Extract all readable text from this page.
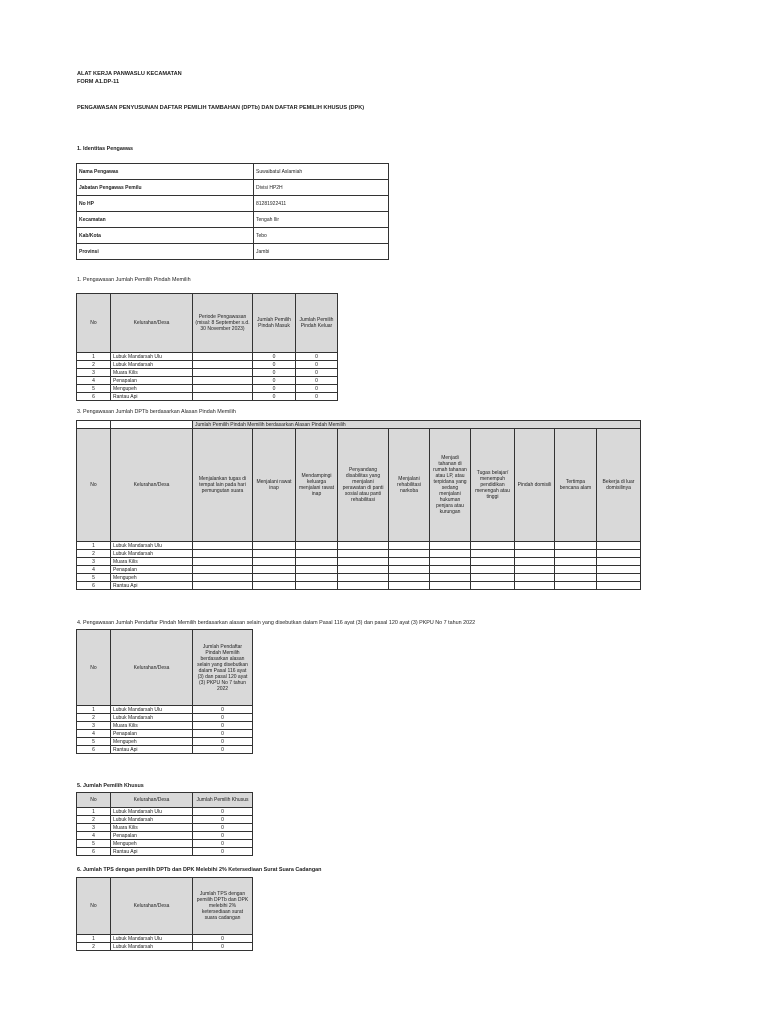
ALAT KERJA PANWASLU KECAMATAN
FORM A1.DP-11
PENGAWASAN PENYUSUNAN DAFTAR PEMILIH TAMBAHAN (DPTb) DAN DAFTAR PEMILIH KHUSUS (DPK)
1. Identitas Pengawas
Nama Pengawas	Suwaibatul Aslamiah
Jabatan Pengawas Pemilu	Divisi HP2H
No HP	81281922411
Kecamatan	Tengah Ilir
Kab/Kota	Tebo
Provinsi	Jambi
1. Pengawasan Jumlah Pemilih Pindah Memilih
No	Kelurahan/Desa	Periode Pengawasan (misal: 8 September s.d. 30 November 2023)	Jumlah Pemilih Pindah Masuk	Jumlah Pemilih Pindah Keluar
1	Lubuk Mandarsah Ulu		0	0
2	Lubuk Mandarsah		0	0
3	Muara Kilis		0	0
4	Penapalan		0	0
5	Mengupeh		0	0
6	Rantau Api		0	0
3. Pengawasan Jumlah DPTb berdasarkan Alasan Pindah Memilih
		Jumlah Pemilih Pindah Memilih berdasarkan Alasan Pindah Memilih									
No	Kelurahan/Desa	Menjalankan tugas di tempat lain pada hari pemungutan suara	Menjalani rawat inap	Mendampingi keluarga menjalani rawat inap	Penyandang disabilitas yang menjalani perawatan di panti sosial atau panti rehabilitasi	Menjalani rehabilitasi narkoba	Menjadi tahanan di rumah tahanan atau LP, atau terpidana yang sedang menjalani hukuman penjara atau kurungan	Tugas belajar/ menempuh pendidikan menengah atau tinggi	Pindah domisili	Tertimpa bencana alam	Bekerja di luar domisilinya
1	Lubuk Mandarsah Ulu										
2	Lubuk Mandarsah										
3	Muara Kilis										
4	Penapalan										
5	Mengupeh										
6	Rantau Api										
4. Pengawasan Jumlah Pendaftar Pindah Memilih berdasarkan alasan selain yang disebutkan dalam Pasal 116 ayat (3) dan pasal 120 ayat (3) PKPU No 7 tahun 2022
No	Kelurahan/Desa	Jumlah Pendaftar Pindah Memilih berdasarkan alasan selain yang disebutkan dalam Pasal 116 ayat (3) dan pasal 120 ayat (3) PKPU No 7 tahun 2022
1	Lubuk Mandarsah Ulu	0
2	Lubuk Mandarsah	0
3	Muara Kilis	0
4	Penapalan	0
5	Mengupeh	0
6	Rantau Api	0
5. Jumlah Pemilih Khusus
No	Kelurahan/Desa	Jumlah Pemilih Khusus
1	Lubuk Mandarsah Ulu	0
2	Lubuk Mandarsah	0
3	Muara Kilis	0
4	Penapalan	0
5	Mengupeh	0
6	Rantau Api	0
6. Jumlah TPS dengan pemilih DPTb dan DPK Melebihi 2% Ketersediaan Surat Suara Cadangan
No	Kelurahan/Desa	Jumlah TPS dengan pemilih DPTb dan DPK melebihi 2% ketersediaan surat suara cadangan
1	Lubuk Mandarsah Ulu	0
2	Lubuk Mandarsah	0
